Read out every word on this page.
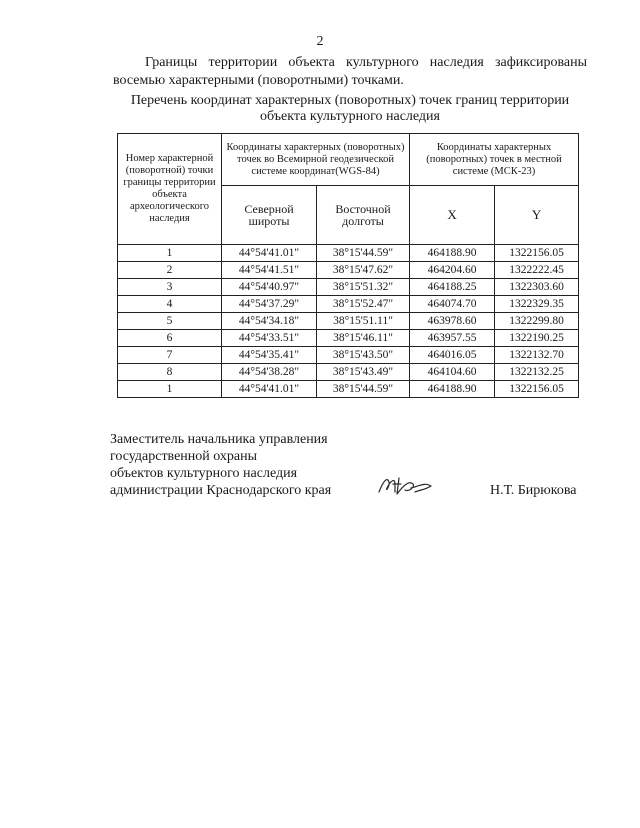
2
Границы территории объекта культурного наследия зафиксированы восемью характерными (поворотными) точками.
Перечень координат характерных (поворотных) точек границ территории
объекта культурного наследия
Номер характерной (поворотной) точки границы территории объекта археологического наследия	Координаты характерных (поворотных) точек во Всемирной геодезической системе координат(WGS-84)		Координаты характерных (поворотных) точек в местной системе (МСК-23)	
	Северной широты	Восточной долготы	X	Y
1	44°54'41.01"	38°15'44.59"	464188.90	1322156.05
2	44°54'41.51"	38°15'47.62"	464204.60	1322222.45
3	44°54'40.97"	38°15'51.32"	464188.25	1322303.60
4	44°54'37.29"	38°15'52.47"	464074.70	1322329.35
5	44°54'34.18"	38°15'51.11"	463978.60	1322299.80
6	44°54'33.51"	38°15'46.11"	463957.55	1322190.25
7	44°54'35.41"	38°15'43.50"	464016.05	1322132.70
8	44°54'38.28"	38°15'43.49"	464104.60	1322132.25
1	44°54'41.01"	38°15'44.59"	464188.90	1322156.05
Заместитель начальника управления
государственной охраны
объектов культурного наследия
администрации Краснодарского края	Н.Т. Бирюкова
